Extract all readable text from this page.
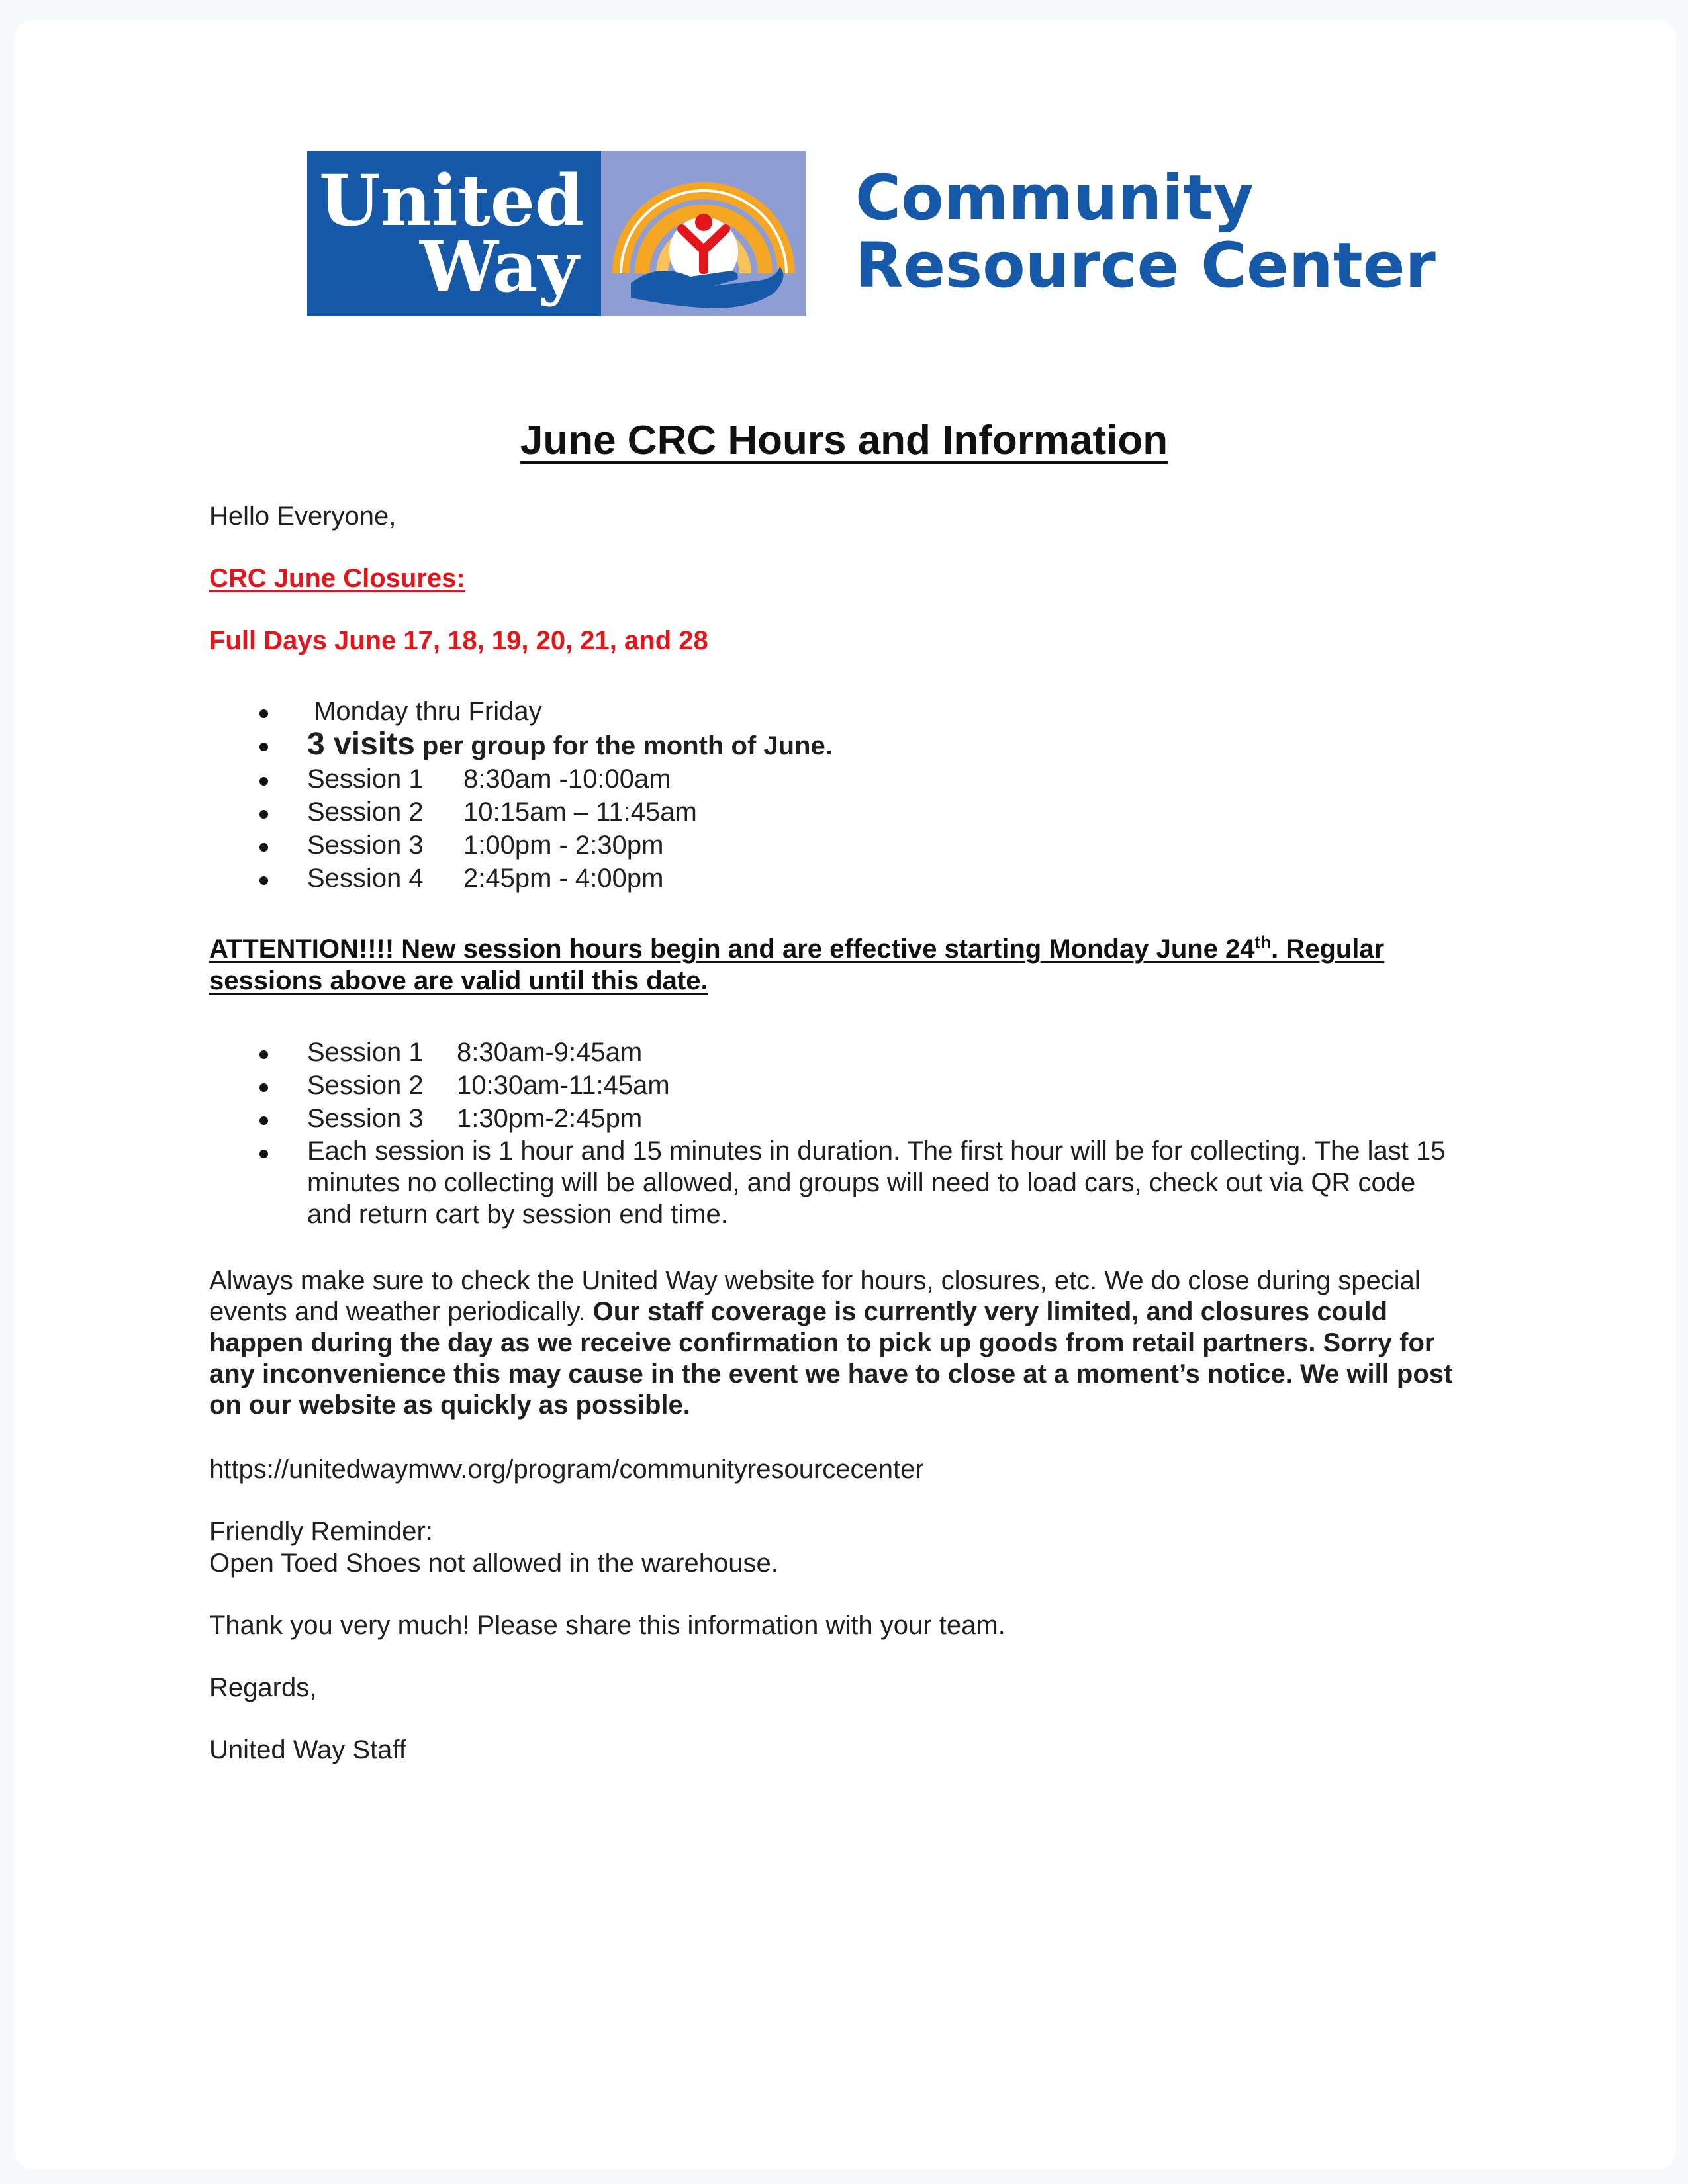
United
Way
Community
Resource Center
June CRC Hours and Information
Hello Everyone,
CRC June Closures:
Full Days June 17, 18, 19, 20, 21, and 28
Monday thru Friday
3 visits per group for the month of June.
Session 1 8:30am -10:00am
Session 2 10:15am – 11:45am
Session 3 1:00pm - 2:30pm
Session 4 2:45pm - 4:00pm
ATTENTION!!!! New session hours begin and are effective starting Monday June 24th. Regular sessions above are valid until this date.
Session 1 8:30am-9:45am
Session 2 10:30am-11:45am
Session 3 1:30pm-2:45pm
Each session is 1 hour and 15 minutes in duration. The first hour will be for collecting. The last 15 minutes no collecting will be allowed, and groups will need to load cars, check out via QR code and return cart by session end time.
Always make sure to check the United Way website for hours, closures, etc. We do close during special events and weather periodically. Our staff coverage is currently very limited, and closures could happen during the day as we receive confirmation to pick up goods from retail partners. Sorry for any inconvenience this may cause in the event we have to close at a moment’s notice. We will post on our website as quickly as possible.
https://unitedwaymwv.org/program/communityresourcecenter
Friendly Reminder:
Open Toed Shoes not allowed in the warehouse.
Thank you very much! Please share this information with your team.
Regards,
United Way Staff
